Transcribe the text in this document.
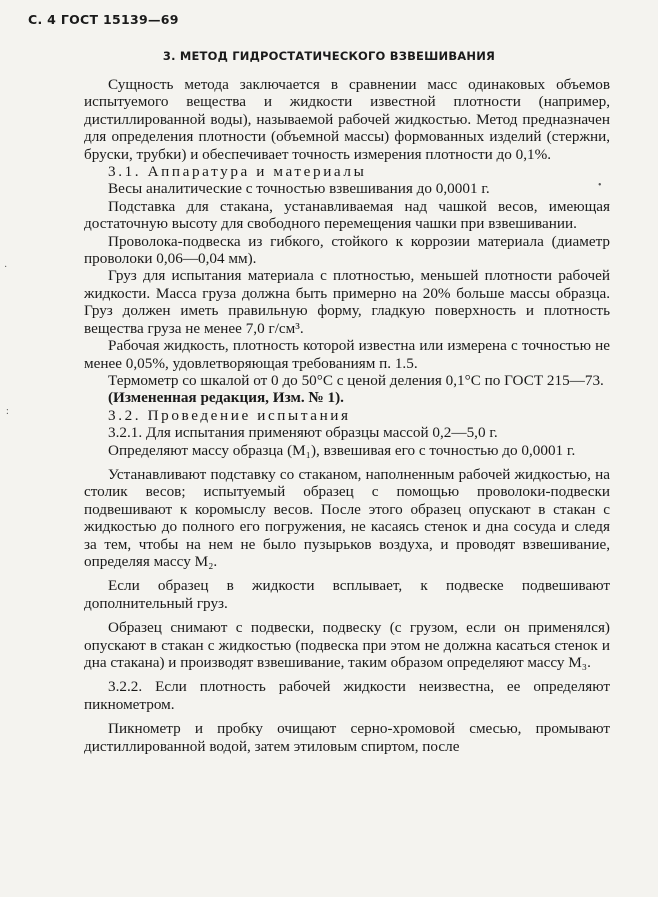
С. 4 ГОСТ 15139—69
3. МЕТОД ГИДРОСТАТИЧЕСКОГО ВЗВЕШИВАНИЯ

Сущность метода заключается в сравнении масс одинаковых объемов испытуемого вещества и жидкости известной плотности (например, дистиллированной воды), называемой рабочей жидкостью. Метод предназначен для определения плотности (объемной массы) формованных изделий (стержни, бруски, трубки) и обеспечивает точность измерения плотности до 0,1%.

3.1. Аппаратура и материалы

Весы аналитические с точностью взвешивания до 0,0001 г.

Подставка для стакана, устанавливаемая над чашкой весов, имеющая достаточную высоту для свободного перемещения чашки при взвешивании.

Проволока-подвеска из гибкого, стойкого к коррозии материала (диаметр проволоки 0,06—0,04 мм).

Груз для испытания материала с плотностью, меньшей плотности рабочей жидкости. Масса груза должна быть примерно на 20% больше массы образца. Груз должен иметь правильную форму, гладкую поверхность и плотность вещества груза не менее 7,0 г/см³.

Рабочая жидкость, плотность которой известна или измерена с точностью не менее 0,05%, удовлетворяющая требованиям п. 1.5.

Термометр со шкалой от 0 до 50°С с ценой деления 0,1°С по ГОСТ 215—73.

(Измененная редакция, Изм. № 1).

3.2. Проведение испытания

3.2.1. Для испытания применяют образцы массой 0,2—5,0 г.

Определяют массу образца (M₁), взвешивая его с точностью до 0,0001 г.

Устанавливают подставку со стаканом, наполненным рабочей жидкостью, на столик весов; испытуемый образец с помощью проволоки-подвески подвешивают к коромыслу весов. После этого образец опускают в стакан с жидкостью до полного его погружения, не касаясь стенок и дна сосуда и следя за тем, чтобы на нем не было пузырьков воздуха, и проводят взвешивание, определяя массу M₂.

Если образец в жидкости всплывает, к подвеске подвешивают дополнительный груз.

Образец снимают с подвески, подвеску (с грузом, если он применялся) опускают в стакан с жидкостью (подвеска при этом не должна касаться стенок и дна стакана) и производят взвешивание, таким образом определяют массу M₃.

3.2.2. Если плотность рабочей жидкости неизвестна, ее определяют пикнометром.

Пикнометр и пробку очищают серно-хромовой смесью, промывают дистиллированной водой, затем этиловым спиртом, после

·
:
•
